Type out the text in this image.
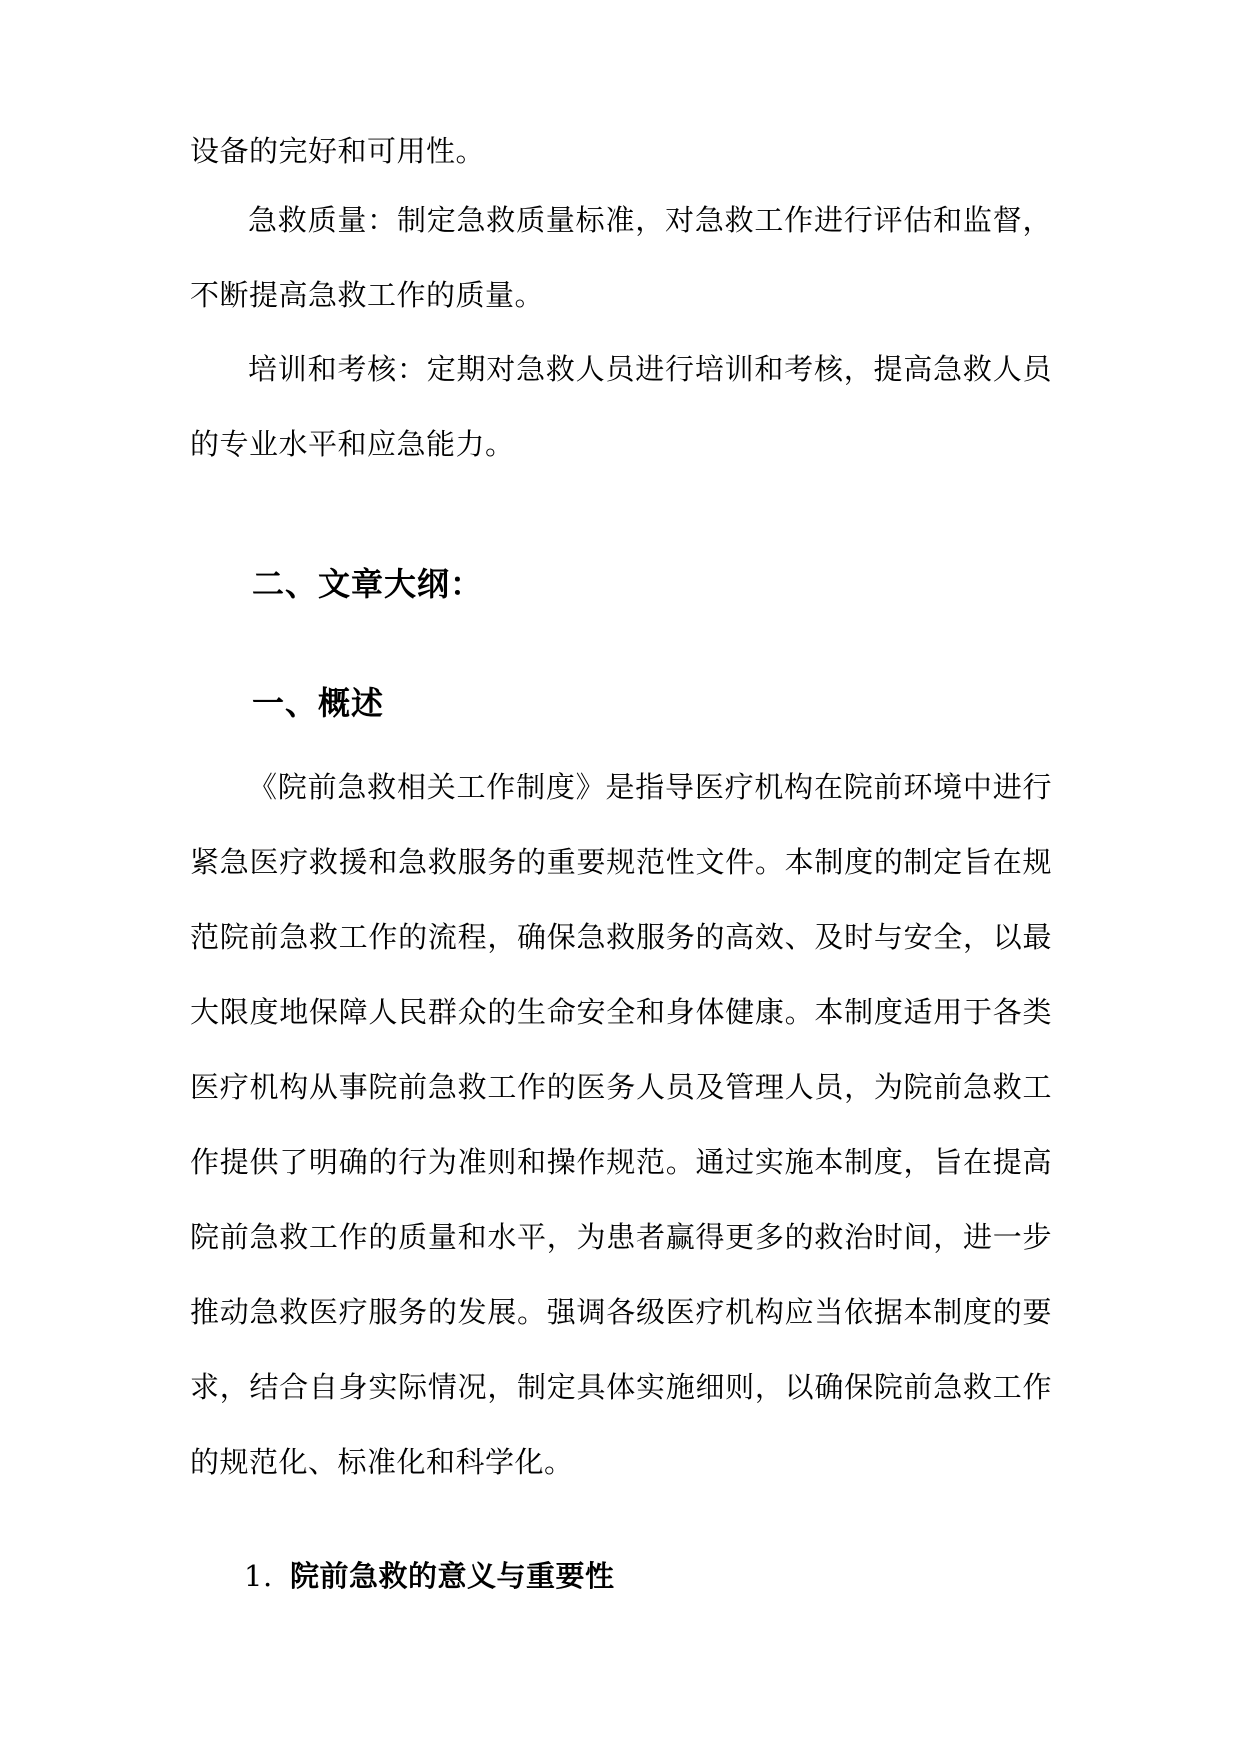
设备的完好和可用性。

急救质量：制定急救质量标准，对急救工作进行评估和监督，不断提高急救工作的质量。

培训和考核：定期对急救人员进行培训和考核，提高急救人员的专业水平和应急能力。

二、文章大纲：
一、概述

《院前急救相关工作制度》是指导医疗机构在院前环境中进行紧急医疗救援和急救服务的重要规范性文件。本制度的制定旨在规范院前急救工作的流程，确保急救服务的高效、及时与安全，以最大限度地保障人民群众的生命安全和身体健康。本制度适用于各类医疗机构从事院前急救工作的医务人员及管理人员，为院前急救工作提供了明确的行为准则和操作规范。通过实施本制度，旨在提高院前急救工作的质量和水平，为患者赢得更多的救治时间，进一步推动急救医疗服务的发展。强调各级医疗机构应当依据本制度的要求，结合自身实际情况，制定具体实施细则，以确保院前急救工作的规范化、标准化和科学化。

1. 院前急救的意义与重要性
